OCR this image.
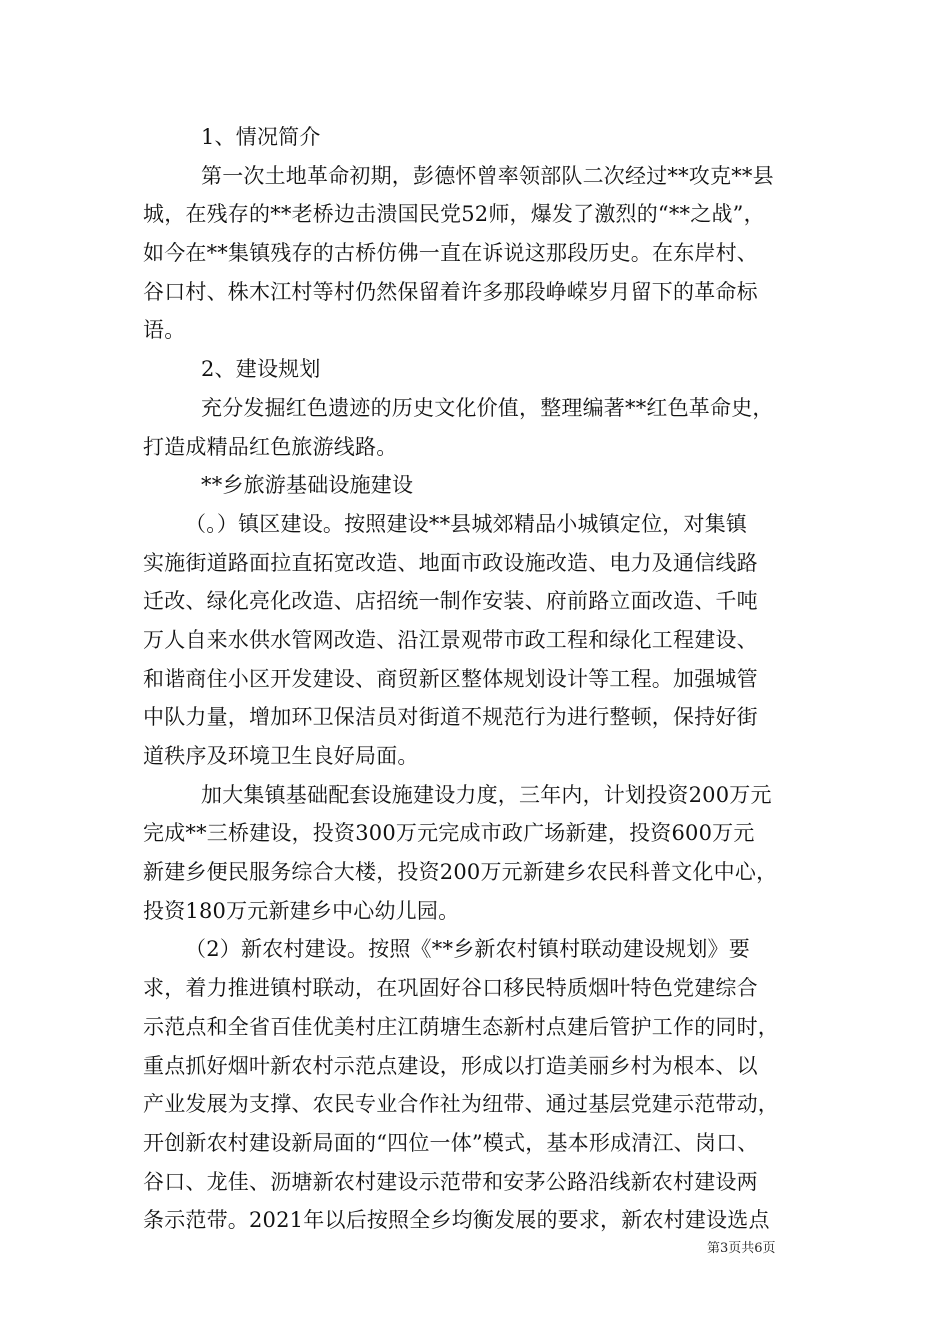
1、情况简介
第一次土地革命初期，彭德怀曾率领部队二次经过**攻克**县
城，在残存的**老桥边击溃国民党52师，爆发了激烈的“**之战”，
如今在**集镇残存的古桥仿佛一直在诉说这那段历史。在东岸村、
谷口村、株木江村等村仍然保留着许多那段峥嵘岁月留下的革命标
语。
2、建设规划
充分发掘红色遗迹的历史文化价值，整理编著**红色革命史，
打造成精品红色旅游线路。
**乡旅游基础设施建设
（。）镇区建设。按照建设**县城郊精品小城镇定位，对集镇
实施街道路面拉直拓宽改造、地面市政设施改造、电力及通信线路
迁改、绿化亮化改造、店招统一制作安装、府前路立面改造、千吨
万人自来水供水管网改造、沿江景观带市政工程和绿化工程建设、
和谐商住小区开发建设、商贸新区整体规划设计等工程。加强城管
中队力量，增加环卫保洁员对街道不规范行为进行整顿，保持好街
道秩序及环境卫生良好局面。
加大集镇基础配套设施建设力度，三年内，计划投资200万元
完成**三桥建设，投资300万元完成市政广场新建，投资600万元
新建乡便民服务综合大楼，投资200万元新建乡农民科普文化中心，
投资180万元新建乡中心幼儿园。
（2）新农村建设。按照《**乡新农村镇村联动建设规划》要
求，着力推进镇村联动，在巩固好谷口移民特质烟叶特色党建综合
示范点和全省百佳优美村庄江荫塘生态新村点建后管护工作的同时，
重点抓好烟叶新农村示范点建设，形成以打造美丽乡村为根本、以
产业发展为支撑、农民专业合作社为纽带、通过基层党建示范带动，
开创新农村建设新局面的“四位一体”模式，基本形成清江、岗口、
谷口、龙佳、沥塘新农村建设示范带和安茅公路沿线新农村建设两
条示范带。2021年以后按照全乡均衡发展的要求，新农村建设选点
第3页共6页
